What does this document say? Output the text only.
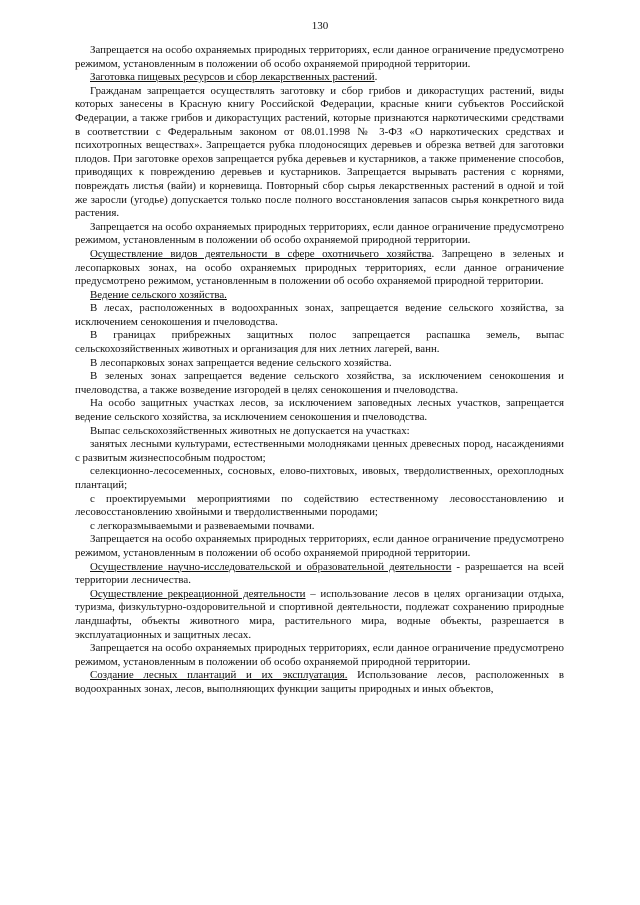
130

Запрещается на особо охраняемых природных территориях, если данное ограничение предусмотрено режимом, установленным в положении об особо охраняемой природной территории.

Заготовка пищевых ресурсов и сбор лекарственных растений.

Гражданам запрещается осуществлять заготовку и сбор грибов и дикорастущих растений, виды которых занесены в Красную книгу Российской Федерации, красные книги субъектов Российской Федерации, а также грибов и дикорастущих растений, которые признаются наркотическими средствами в соответствии с Федеральным законом от 08.01.1998 № 3-ФЗ «О наркотических средствах и психотропных веществах». Запрещается рубка плодоносящих деревьев и обрезка ветвей для заготовки плодов. При заготовке орехов запрещается рубка деревьев и кустарников, а также применение способов, приводящих к повреждению деревьев и кустарников. Запрещается вырывать растения с корнями, повреждать листья (вайи) и корневища. Повторный сбор сырья лекарственных растений в одной и той же заросли (угодье) допускается только после полного восстановления запасов сырья конкретного вида растения.

Запрещается на особо охраняемых природных территориях, если данное ограничение предусмотрено режимом, установленным в положении об особо охраняемой природной территории.

Осуществление видов деятельности в сфере охотничьего хозяйства. Запрещено в зеленых и лесопарковых зонах, на особо охраняемых природных территориях, если данное ограничение предусмотрено режимом, установленным в положении об особо охраняемой природной территории.

Ведение сельского хозяйства.

В лесах, расположенных в водоохранных зонах, запрещается ведение сельского хозяйства, за исключением сенокошения и пчеловодства.

В границах прибрежных защитных полос запрещается распашка земель, выпас сельскохозяйственных животных и организация для них летних лагерей, ванн.

В лесопарковых зонах запрещается ведение сельского хозяйства.

В зеленых зонах запрещается ведение сельского хозяйства, за исключением сенокошения и пчеловодства, а также возведение изгородей в целях сенокошения и пчеловодства.

На особо защитных участках лесов, за исключением заповедных лесных участков, запрещается ведение сельского хозяйства, за исключением сенокошения и пчеловодства.

Выпас сельскохозяйственных животных не допускается на участках:

занятых лесными культурами, естественными молодняками ценных древесных пород, насаждениями с развитым жизнеспособным подростом;

селекционно-лесосеменных, сосновых, елово-пихтовых, ивовых, твердолиственных, орехоплодных плантаций;

с проектируемыми мероприятиями по содействию естественному лесовосстановлению и лесовосстановлению хвойными и твердолиственными породами;

с легкоразмываемыми и развеваемыми почвами.

Запрещается на особо охраняемых природных территориях, если данное ограничение предусмотрено режимом, установленным в положении об особо охраняемой природной территории.

Осуществление научно-исследовательской и образовательной деятельности - разрешается на всей территории лесничества.

Осуществление рекреационной деятельности – использование лесов в целях организации отдыха, туризма, физкультурно-оздоровительной и спортивной деятельности, подлежат сохранению природные ландшафты, объекты животного мира, растительного мира, водные объекты, разрешается в эксплуатационных и защитных лесах.

Запрещается на особо охраняемых природных территориях, если данное ограничение предусмотрено режимом, установленным в положении об особо охраняемой природной территории.

Создание лесных плантаций и их эксплуатация. Использование лесов, расположенных в водоохранных зонах, лесов, выполняющих функции защиты природных и иных объектов,
